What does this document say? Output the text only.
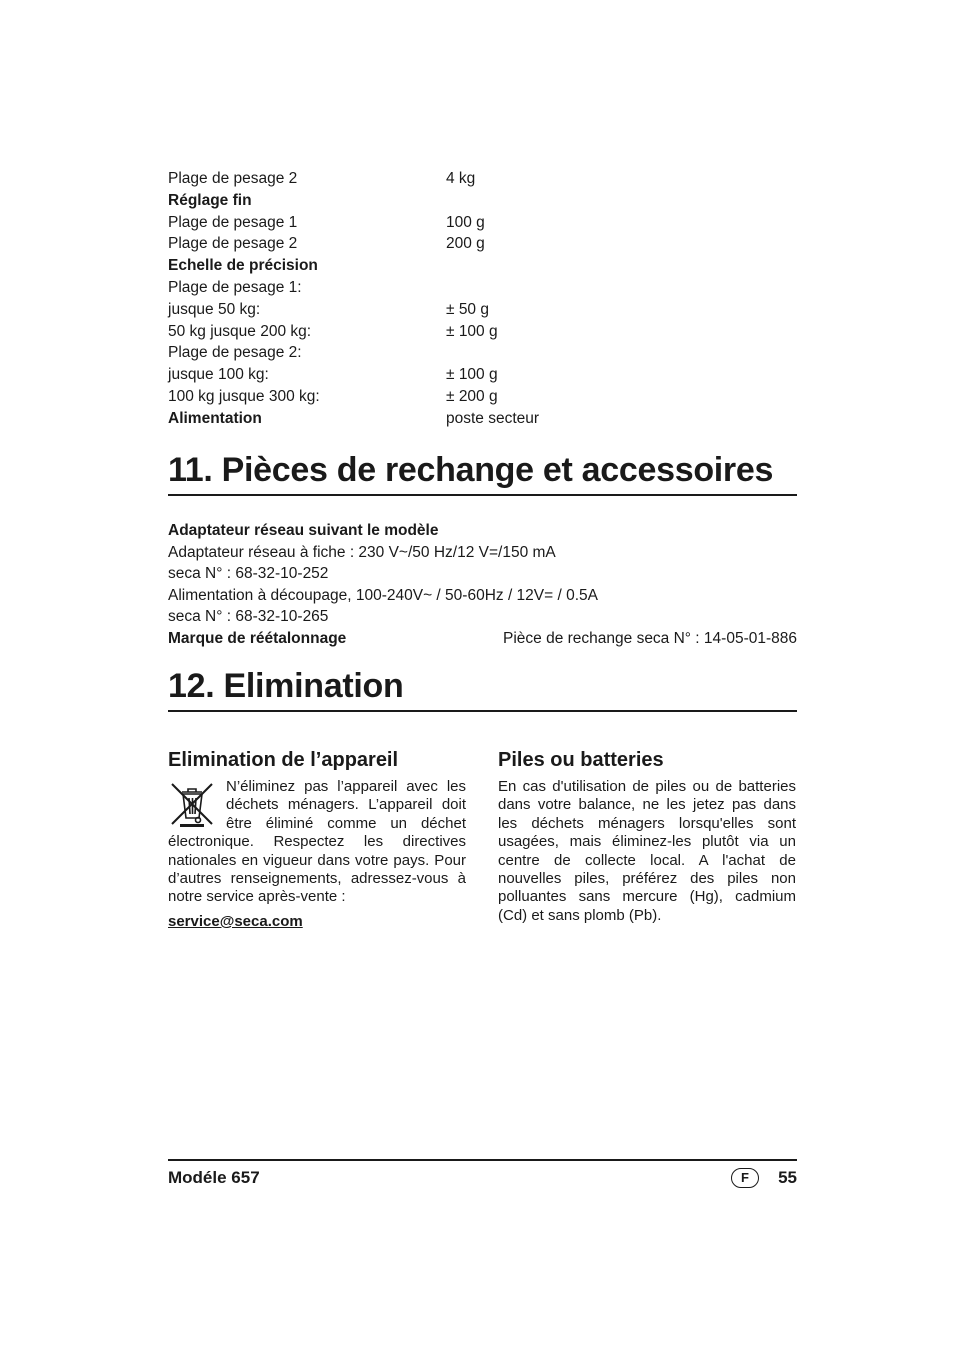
Plage de pesage 2	4 kg
Réglage fin
Plage de pesage 1	100 g
Plage de pesage 2	200 g
Echelle de précision
Plage de pesage 1:
jusque 50 kg:	± 50 g
50 kg jusque 200 kg:	± 100 g
Plage de pesage 2:
jusque 100 kg:	± 100 g
100 kg jusque 300 kg:	± 200 g
Alimentation	poste secteur
11. Pièces de rechange et accessoires
Adaptateur réseau suivant le modèle
Adaptateur réseau à fiche : 230 V~/50 Hz/12 V=/150 mA
seca N° : 68-32-10-252
Alimentation à découpage, 100-240V~ / 50-60Hz / 12V= / 0.5A
seca N° : 68-32-10-265
Marque de réétalonnage	Pièce de rechange seca N° : 14-05-01-886
12. Elimination
Elimination de l’appareil

N’éliminez pas l’appareil avec les déchets ménagers. L’appareil doit être éliminé comme un déchet électronique. Respectez les directives nationales en vigueur dans votre pays. Pour d’autres renseignements, adressez-vous à notre service après-vente :

service@seca.com
Piles ou batteries

En cas d'utilisation de piles ou de batteries dans votre balance, ne les jetez pas dans les déchets ménagers lorsqu'elles sont usagées, mais éliminez-les plutôt via un centre de collecte local. A l'achat de nouvelles piles, préférez des piles non polluantes sans mercure (Hg), cadmium (Cd) et sans plomb (Pb).

Modéle 657	F	55
